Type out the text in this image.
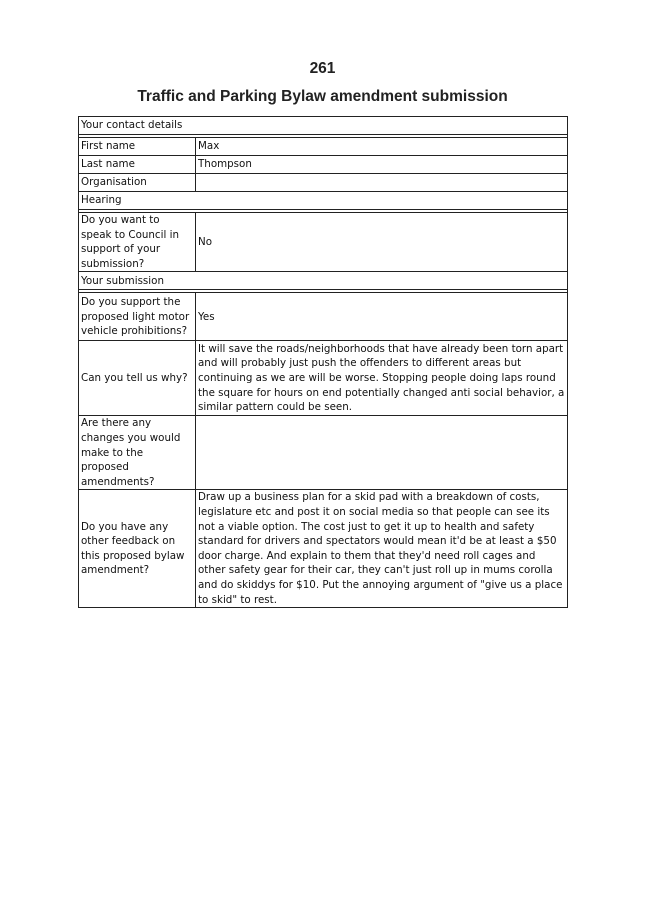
261
Traffic and Parking Bylaw amendment submission
Your contact details	

First name	Max
Last name	Thompson
Organisation	
Hearing	

Do you want to speak to Council in support of your submission?	No
Your submission	

Do you support the proposed light motor vehicle prohibitions?	Yes
Can you tell us why?	It will save the roads/neighborhoods that have already been torn apart and will probably just push the offenders to different areas but continuing as we are will be worse. Stopping people doing laps round the square for hours on end potentially changed anti social behavior, a similar pattern could be seen.
Are there any changes you would make to the proposed amendments?	
Do you have any other feedback on this proposed bylaw amendment?	Draw up a business plan for a skid pad with a breakdown of costs, legislature etc and post it on social media so that people can see its not a viable option. The cost just to get it up to health and safety standard for drivers and spectators would mean it'd be at least a $50 door charge. And explain to them that they'd need roll cages and other safety gear for their car, they can't just roll up in mums corolla and do skiddys for $10. Put the annoying argument of "give us a place to skid" to rest.
